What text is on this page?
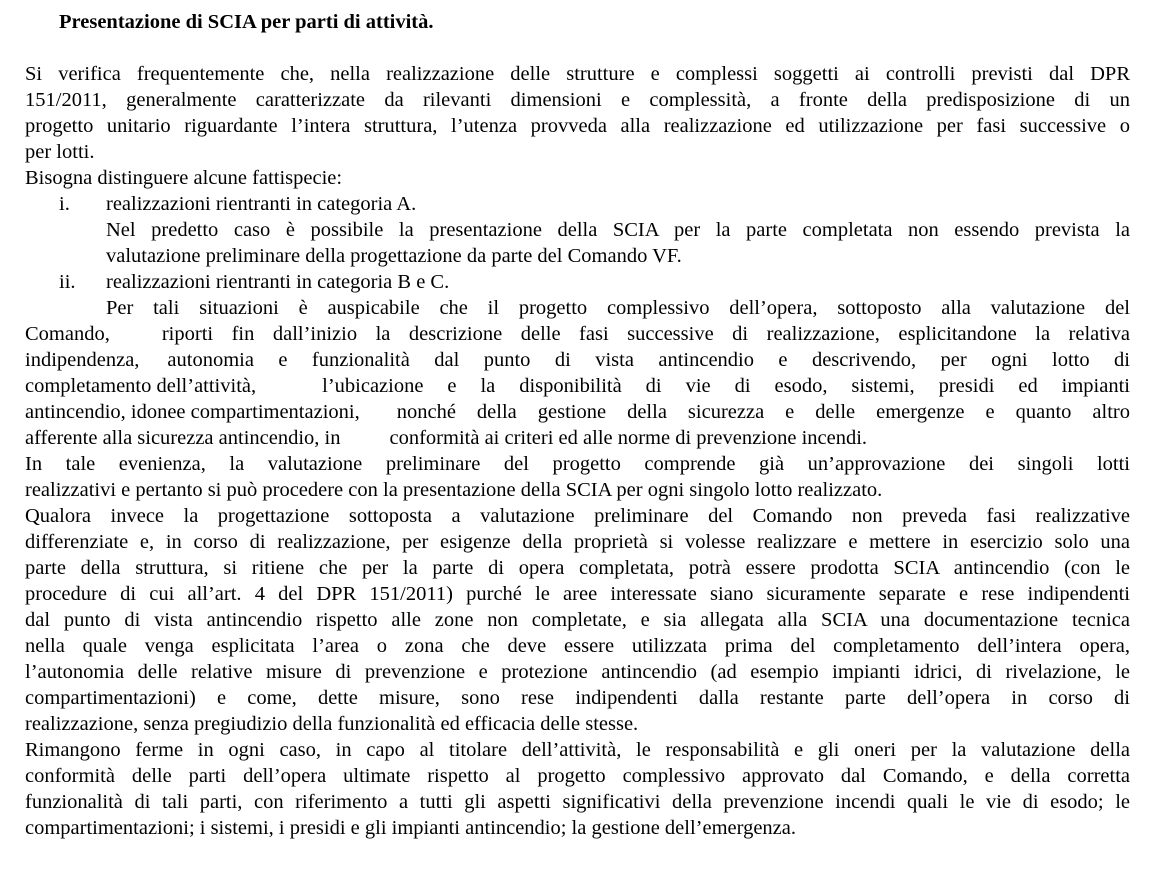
Presentazione di SCIA per parti di attività.
Si verifica frequentemente che, nella realizzazione delle strutture e complessi soggetti ai controlli previsti dal DPR
151/2011, generalmente caratterizzate da rilevanti dimensioni e complessità, a fronte della predisposizione di un
progetto unitario riguardante l’intera struttura, l’utenza provveda alla realizzazione ed utilizzazione per fasi successive o
per lotti.
Bisogna distinguere alcune fattispecie:
i. realizzazioni rientranti in categoria A.
Nel predetto caso è possibile la presentazione della SCIA per la parte completata non essendo prevista la
valutazione preliminare della progettazione da parte del Comando VF.
ii. realizzazioni rientranti in categoria B e C.
Per tali situazioni è auspicabile che il progetto complessivo dell’opera, sottoposto alla valutazione del
Comando,	riporti fin dall’inizio la descrizione delle fasi successive di realizzazione, esplicitandone la relativa
indipendenza, autonomia e funzionalità dal punto di vista antincendio e descrivendo, per ogni lotto di
completamento dell’attività,	l’ubicazione e la disponibilità di vie di esodo, sistemi, presidi ed impianti
antincendio, idonee compartimentazioni, nonché della gestione della sicurezza e delle emergenze e quanto altro
afferente alla sicurezza antincendio, in conformità ai criteri ed alle norme di prevenzione incendi.
In tale evenienza, la valutazione preliminare del progetto comprende già un’approvazione dei singoli lotti
realizzativi e pertanto si può procedere con la presentazione della SCIA per ogni singolo lotto realizzato.
Qualora invece la progettazione sottoposta a valutazione preliminare del Comando non preveda fasi realizzative
differenziate e, in corso di realizzazione, per esigenze della proprietà si volesse realizzare e mettere in esercizio solo una
parte della struttura, si ritiene che per la parte di opera completata, potrà essere prodotta SCIA antincendio (con le
procedure di cui all’art. 4 del DPR 151/2011) purché le aree interessate siano sicuramente separate e rese indipendenti
dal punto di vista antincendio rispetto alle zone non completate, e sia allegata alla SCIA una documentazione tecnica
nella quale venga esplicitata l’area o zona che deve essere utilizzata prima del completamento dell’intera opera,
l’autonomia delle relative misure di prevenzione e protezione antincendio (ad esempio impianti idrici, di rivelazione, le
compartimentazioni) e come, dette misure, sono rese indipendenti dalla restante parte dell’opera in corso di
realizzazione, senza pregiudizio della funzionalità ed efficacia delle stesse.
Rimangono ferme in ogni caso, in capo al titolare dell’attività, le responsabilità e gli oneri per la valutazione della
conformità delle parti dell’opera ultimate rispetto al progetto complessivo approvato dal Comando, e della corretta
funzionalità di tali parti, con riferimento a tutti gli aspetti significativi della prevenzione incendi quali le vie di esodo; le
compartimentazioni; i sistemi, i presidi e gli impianti antincendio; la gestione dell’emergenza.
